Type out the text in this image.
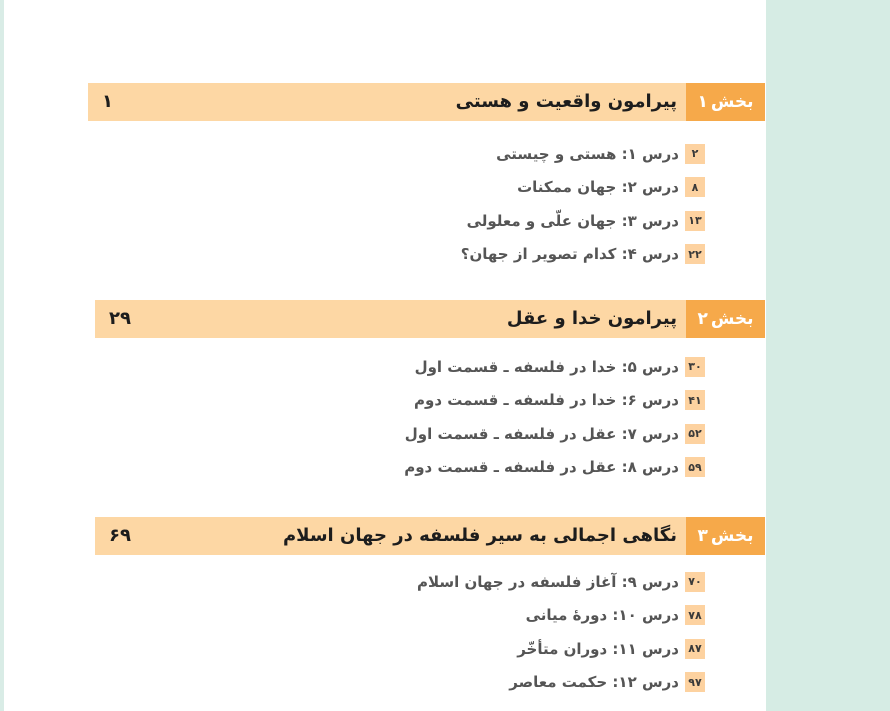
بخش
۱
پیرامون واقعیت و هستی
۱
۲
درس ۱: هستی و چیستی
۸
درس ۲: جهان ممکنات
۱۳
درس ۳: جهان علّی و معلولی
۲۲
درس ۴: کدام تصویر از جهان؟
بخش
۲
پیرامون خدا و عقل
۲۹
۳۰
درس ۵: خدا در فلسفه ـ قسمت اول
۴۱
درس ۶: خدا در فلسفه ـ قسمت دوم
۵۲
درس ۷: عقل در فلسفه ـ قسمت اول
۵۹
درس ۸: عقل در فلسفه ـ قسمت دوم
بخش
۳
نگاهی اجمالی به سیر فلسفه در جهان اسلام
۶۹
۷۰
درس ۹: آغاز فلسفه در جهان اسلام
۷۸
درس ۱۰: دورهٔ میانی
۸۷
درس ۱۱: دوران متأخّر
۹۷
درس ۱۲: حکمت معاصر
